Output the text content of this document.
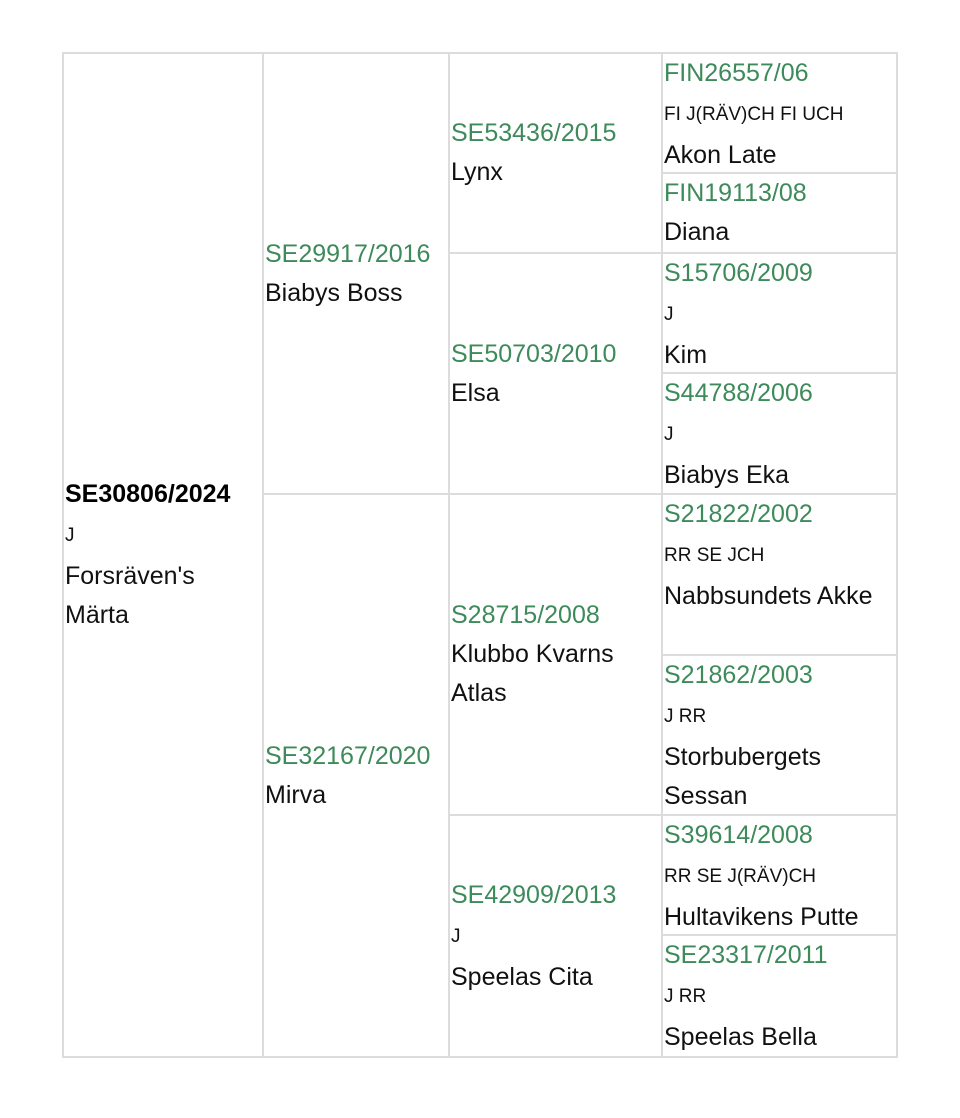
SE30806/2024
J
Forsräven's Märta
SE29917/2016
Biabys Boss
SE32167/2020
Mirva
SE53436/2015
Lynx
SE50703/2010
Elsa
S28715/2008
Klubbo Kvarns Atlas
SE42909/2013
J
Speelas Cita
FIN26557/06
FI J(RÄV)CH FI UCH
Akon Late
FIN19113/08
Diana
S15706/2009
J
Kim
S44788/2006
J
Biabys Eka
S21822/2002
RR SE JCH
Nabbsundets Akke
S21862/2003
J RR
Storbubergets Sessan
S39614/2008
RR SE J(RÄV)CH
Hultavikens Putte
SE23317/2011
J RR
Speelas Bella
